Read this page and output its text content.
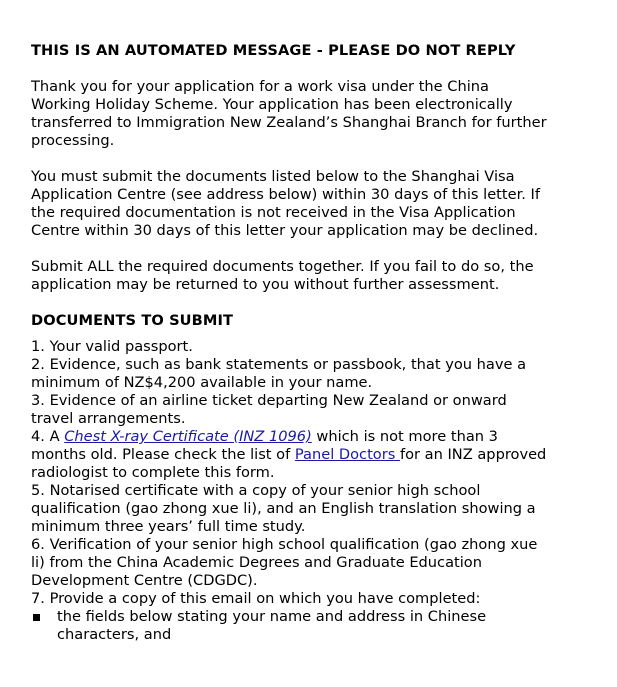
THIS IS AN AUTOMATED MESSAGE - PLEASE DO NOT REPLY
Thank you for your application for a work visa under the China
Working Holiday Scheme. Your application has been electronically
transferred to Immigration New Zealand’s Shanghai Branch for further
processing.
You must submit the documents listed below to the Shanghai Visa
Application Centre (see address below) within 30 days of this letter. If
the required documentation is not received in the Visa Application
Centre within 30 days of this letter your application may be declined.
Submit ALL the required documents together. If you fail to do so, the
application may be returned to you without further assessment.
DOCUMENTS TO SUBMIT
1. Your valid passport.
2. Evidence, such as bank statements or passbook, that you have a
minimum of NZ$4,200 available in your name.
3. Evidence of an airline ticket departing New Zealand or onward
travel arrangements.
4. A Chest X-ray Certificate (INZ 1096) which is not more than 3
months old. Please check the list of Panel Doctors for an INZ approved
radiologist to complete this form.
5. Notarised certificate with a copy of your senior high school
qualification (gao zhong xue li), and an English translation showing a
minimum three years’ full time study.
6. Verification of your senior high school qualification (gao zhong xue
li) from the China Academic Degrees and Graduate Education
Development Centre (CDGDC).
7. Provide a copy of this email on which you have completed:
the fields below stating your name and address in Chinese
characters, and
